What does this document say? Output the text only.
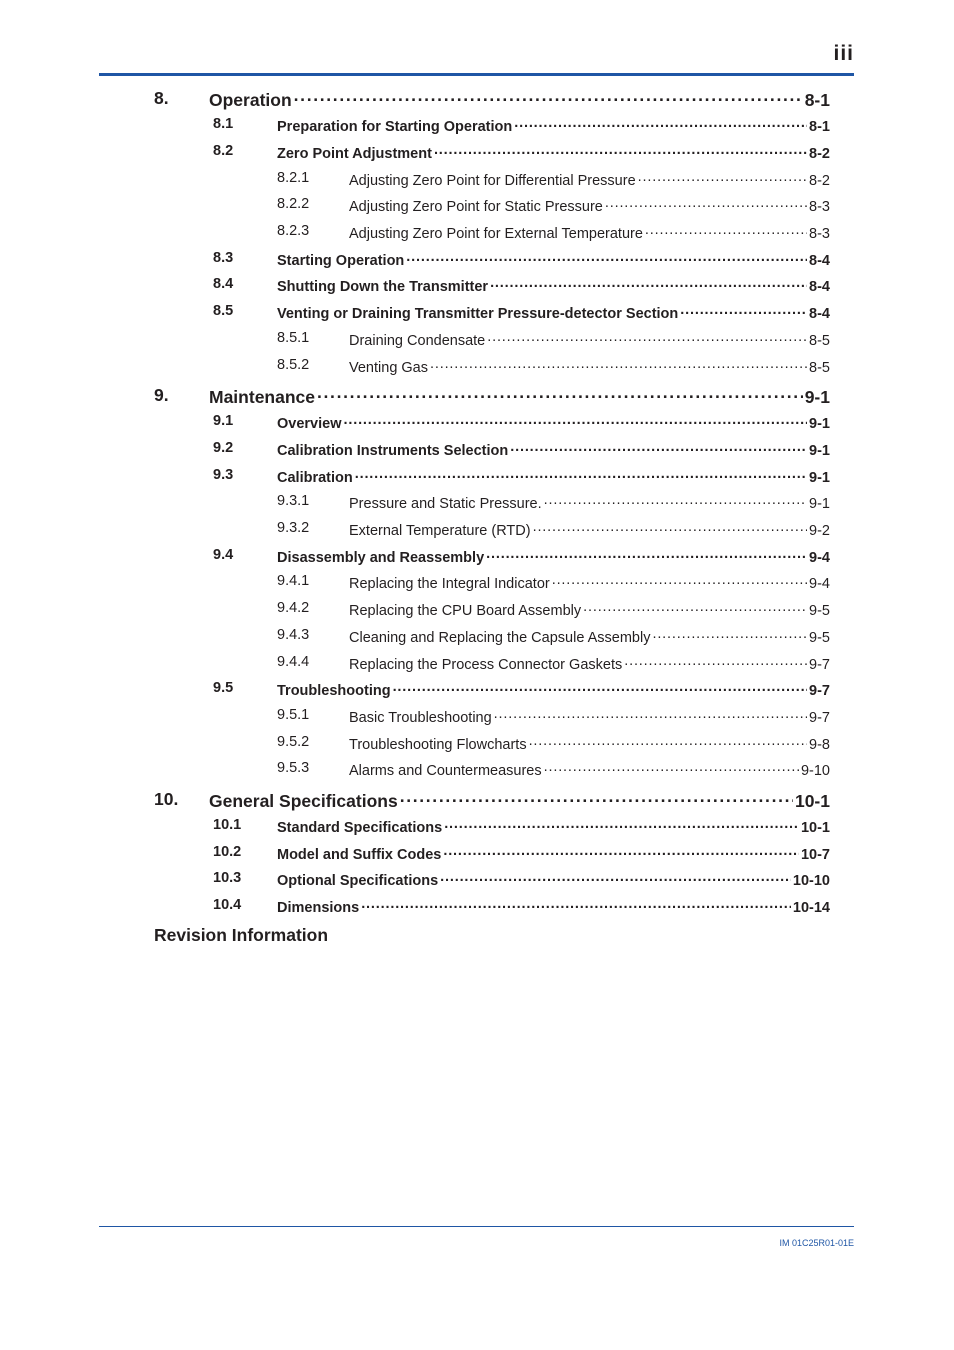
iii
8. Operation . . .	8-1
8.1	Preparation for Starting Operation . . .	8-1
8.2	Zero Point Adjustment . . .	8-2
8.2.1	Adjusting Zero Point for Differential Pressure . . .	8-2
8.2.2	Adjusting Zero Point for Static Pressure . . .	8-3
8.2.3	Adjusting Zero Point for External Temperature . . .	8-3
8.3	Starting Operation . . .	8-4
8.4	Shutting Down the Transmitter . . .	8-4
8.5	Venting or Draining Transmitter Pressure-detector Section . . .	8-4
8.5.1	Draining Condensate . . .	8-5
8.5.2	Venting Gas . . .	8-5
9. Maintenance . . .	9-1
9.1	Overview . . .	9-1
9.2	Calibration Instruments Selection . . .	9-1
9.3	Calibration . . .	9-1
9.3.1	Pressure and Static Pressure. . . .	9-1
9.3.2	External Temperature (RTD) . . .	9-2
9.4	Disassembly and Reassembly . . .	9-4
9.4.1	Replacing the Integral Indicator . . .	9-4
9.4.2	Replacing the CPU Board Assembly . . .	9-5
9.4.3	Cleaning and Replacing the Capsule Assembly . . .	9-5
9.4.4	Replacing the Process Connector Gaskets . . .	9-7
9.5	Troubleshooting . . .	9-7
9.5.1	Basic Troubleshooting . . .	9-7
9.5.2	Troubleshooting Flowcharts . . .	9-8
9.5.3	Alarms and Countermeasures . . .	9-10
10. General Specifications . . .	10-1
10.1 Standard Specifications . . .	10-1
10.2 Model and Suffix Codes . . .	10-7
10.3 Optional Specifications . . .	10-10
10.4 Dimensions . . .	10-14
Revision Information
IM 01C25R01-01E
